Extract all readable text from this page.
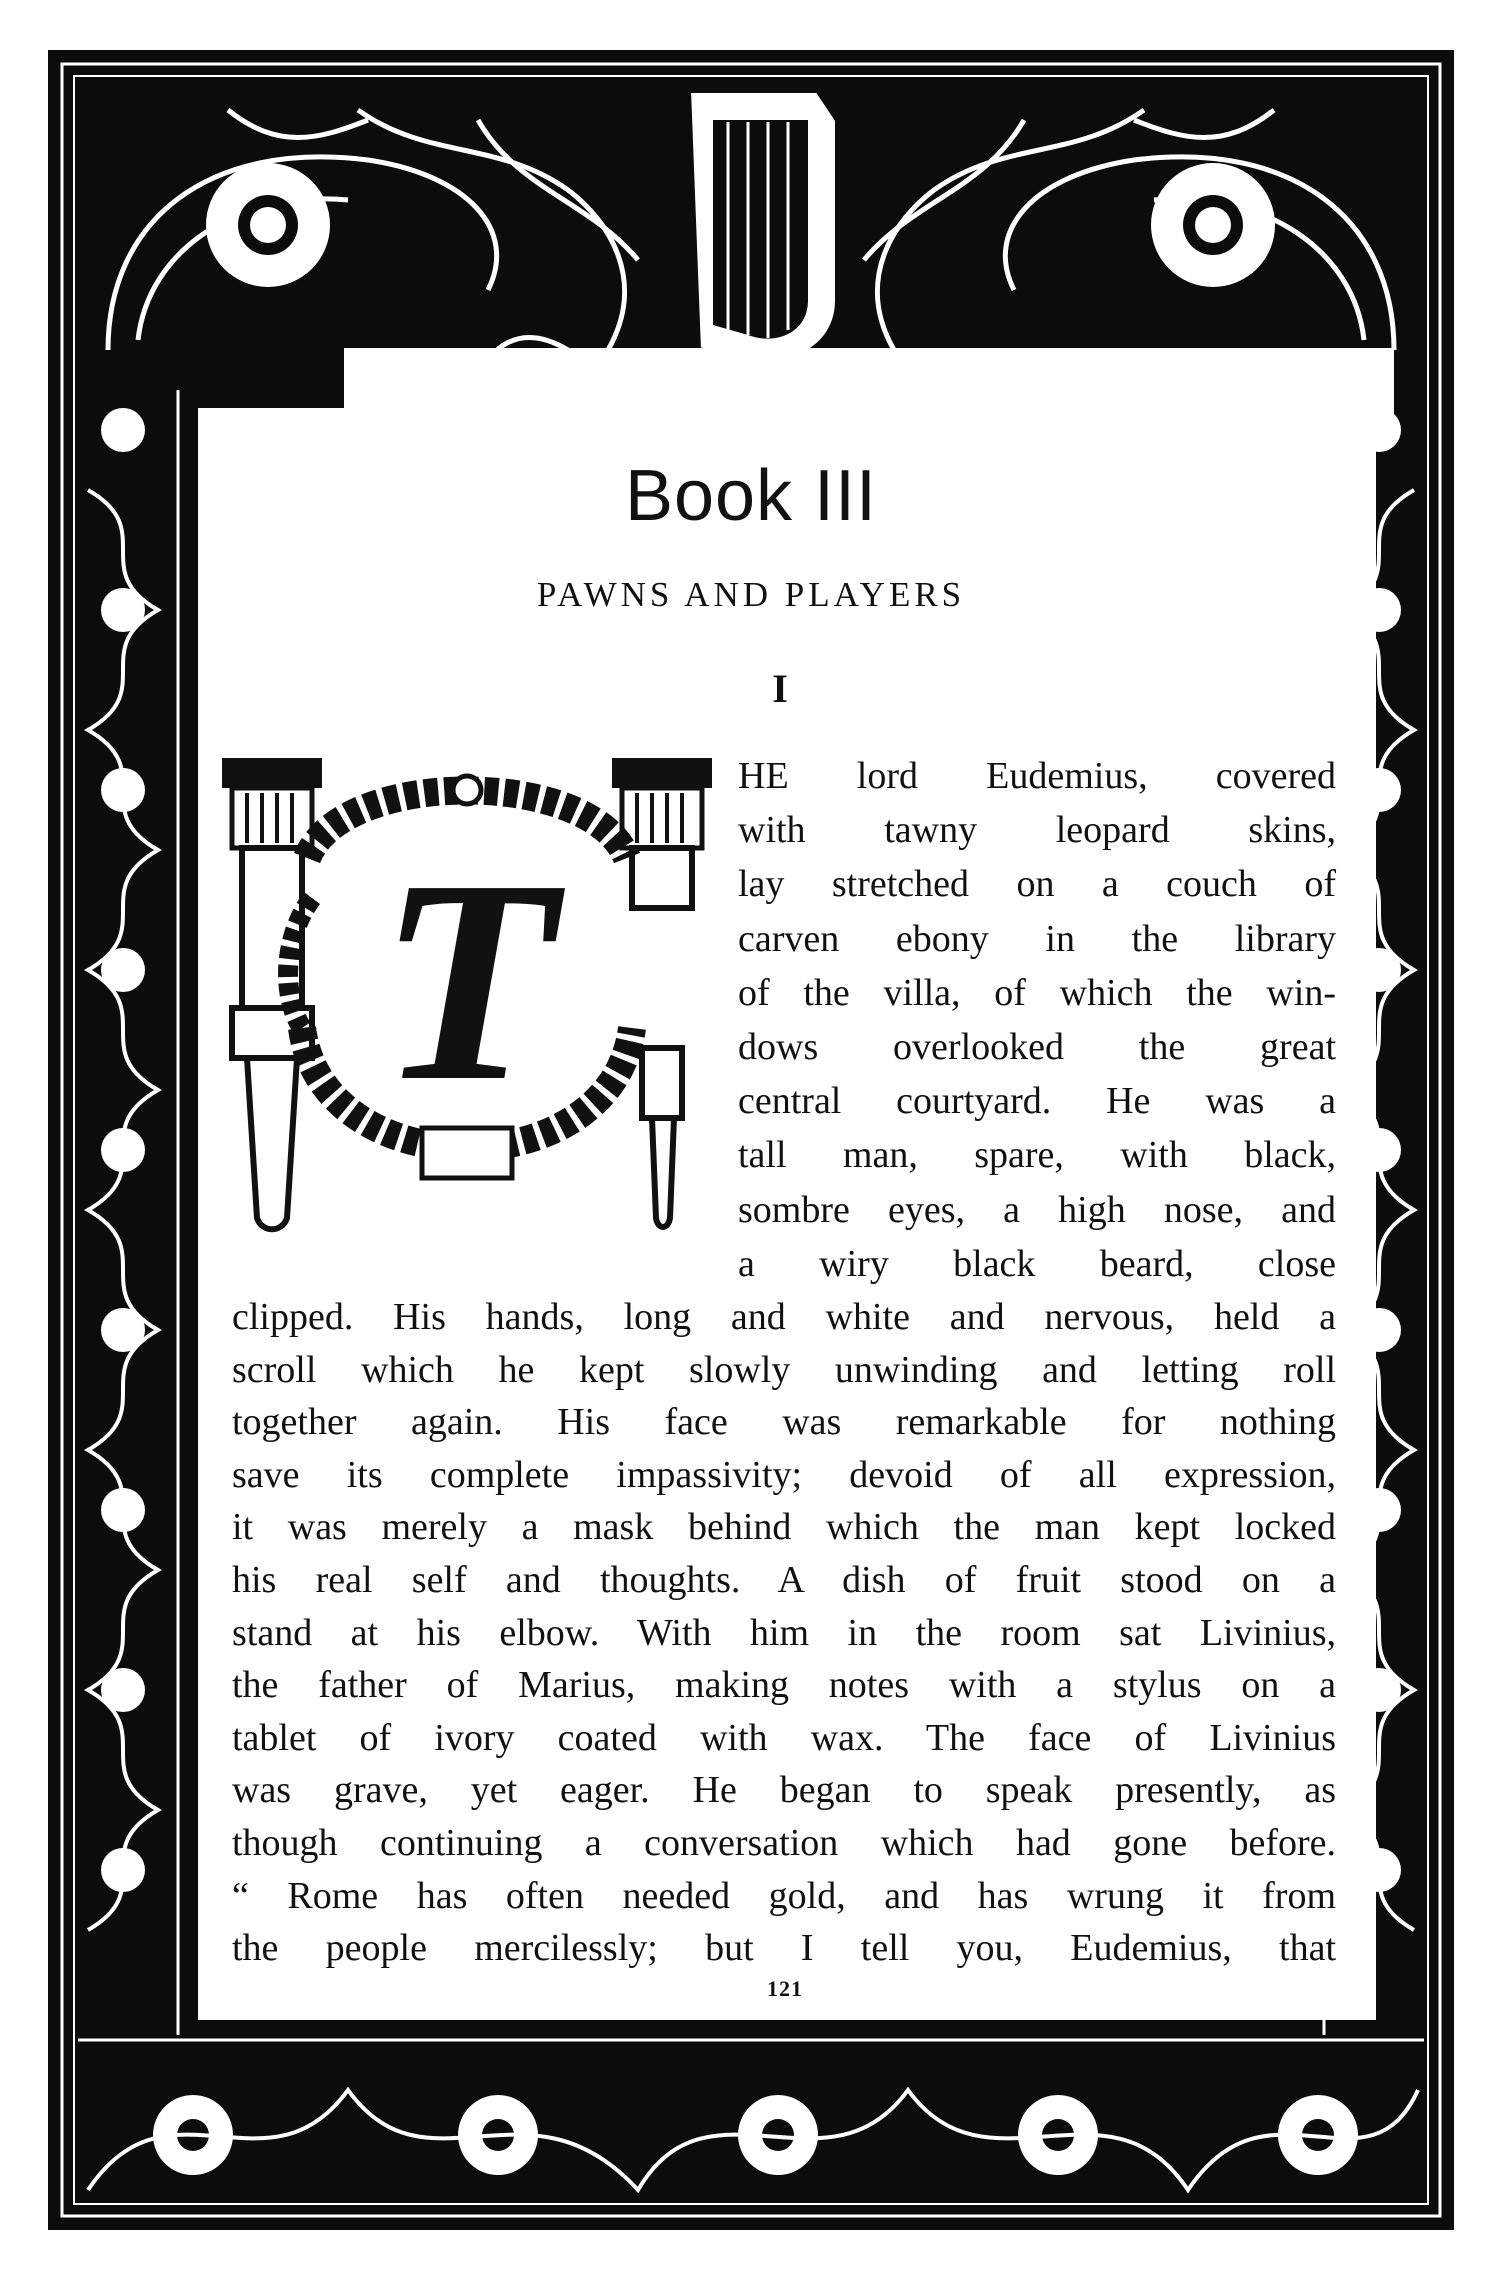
Book III
PAWNS AND PLAYERS
I
T
HE lord Eudemius, covered
with tawny leopard skins,
lay stretched on a couch of
carven ebony in the library
of the villa, of which the win-
dows overlooked the great
central courtyard. He was a
tall man, spare, with black,
sombre eyes, a high nose, and
a wiry black beard, close
clipped. His hands, long and white and nervous, held a
scroll which he kept slowly unwinding and letting roll
together again. His face was remarkable for nothing
save its complete impassivity; devoid of all expression,
it was merely a mask behind which the man kept locked
his real self and thoughts. A dish of fruit stood on a
stand at his elbow. With him in the room sat Livinius,
the father of Marius, making notes with a stylus on a
tablet of ivory coated with wax. The face of Livinius
was grave, yet eager. He began to speak presently, as
though continuing a conversation which had gone before.
“ Rome has often needed gold, and has wrung it from
the people mercilessly; but I tell you, Eudemius, that
121
